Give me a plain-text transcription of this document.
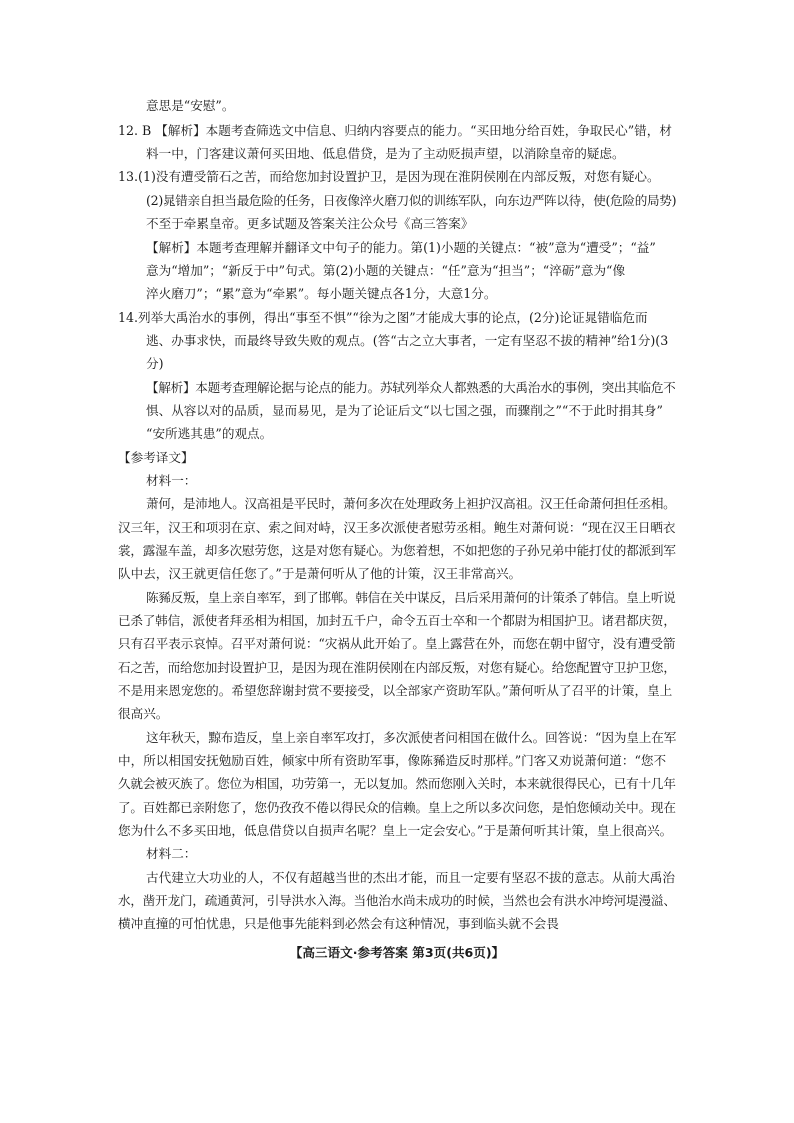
意思是“安慰”。
12. B 【解析】本题考查筛选文中信息、归纳内容要点的能力。“买田地分给百姓，争取民心”错，材
料一中，门客建议萧何买田地、低息借贷，是为了主动贬损声望，以消除皇帝的疑虑。
13.(1)没有遭受箭石之苦，而给您加封设置护卫，是因为现在淮阴侯刚在内部反叛，对您有疑心。
(2)晁错亲自担当最危险的任务，日夜像淬火磨刀似的训练军队，向东边严阵以待，使(危险的局势)
不至于牵累皇帝。更多试题及答案关注公众号《高三答案》
【解析】本题考查理解并翻译文中句子的能力。第(1)小题的关键点：“被”意为“遭受”；“益”
意为“增加”；“新反于中”句式。第(2)小题的关键点：“任”意为“担当”；“淬砺”意为“像
淬火磨刀”；“累”意为“牵累”。每小题关键点各1分，大意1分。
14.列举大禹治水的事例，得出“事至不惧”“徐为之图”才能成大事的论点，(2分)论证晁错临危而
逃、办事求快，而最终导致失败的观点。(答“古之立大事者，一定有坚忍不拔的精神”给1分)(3
分)
【解析】本题考查理解论据与论点的能力。苏轼列举众人都熟悉的大禹治水的事例，突出其临危不
惧、从容以对的品质，显而易见，是为了论证后文“以七国之强，而骤削之”“不于此时捐其身”
“安所逃其患”的观点。
【参考译文】
材料一：
萧何，是沛地人。汉高祖是平民时，萧何多次在处理政务上袒护汉高祖。汉王任命萧何担任丞相。
汉三年，汉王和项羽在京、索之间对峙，汉王多次派使者慰劳丞相。鲍生对萧何说：“现在汉王日晒衣
裳，露湿车盖，却多次慰劳您，这是对您有疑心。为您着想，不如把您的子孙兄弟中能打仗的都派到军
队中去，汉王就更信任您了。”于是萧何听从了他的计策，汉王非常高兴。
陈豨反叛，皇上亲自率军，到了邯郸。韩信在关中谋反，吕后采用萧何的计策杀了韩信。皇上听说
已杀了韩信，派使者拜丞相为相国，加封五千户，命令五百士卒和一个都尉为相国护卫。诸君都庆贺，
只有召平表示哀悼。召平对萧何说：“灾祸从此开始了。皇上露营在外，而您在朝中留守，没有遭受箭
石之苦，而给您加封设置护卫，是因为现在淮阴侯刚在内部反叛，对您有疑心。给您配置守卫护卫您，
不是用来恩宠您的。希望您辞谢封赏不要接受，以全部家产资助军队。”萧何听从了召平的计策，皇上
很高兴。
这年秋天，黥布造反，皇上亲自率军攻打，多次派使者问相国在做什么。回答说：“因为皇上在军
中，所以相国安抚勉励百姓，倾家中所有资助军事，像陈豨造反时那样。”门客又劝说萧何道：“您不
久就会被灭族了。您位为相国，功劳第一，无以复加。然而您刚入关时，本来就很得民心，已有十几年
了。百姓都已亲附您了，您仍孜孜不倦以得民众的信赖。皇上之所以多次问您，是怕您倾动关中。现在
您为什么不多买田地，低息借贷以自损声名呢？皇上一定会安心。”于是萧何听其计策，皇上很高兴。
材料二：
古代建立大功业的人，不仅有超越当世的杰出才能，而且一定要有坚忍不拔的意志。从前大禹治
水，凿开龙门，疏通黄河，引导洪水入海。当他治水尚未成功的时候，当然也会有洪水冲垮河堤漫溢、
横冲直撞的可怕忧患，只是他事先能料到必然会有这种情况，事到临头就不会畏
【高三语文·参考答案 第3页(共6页)】
